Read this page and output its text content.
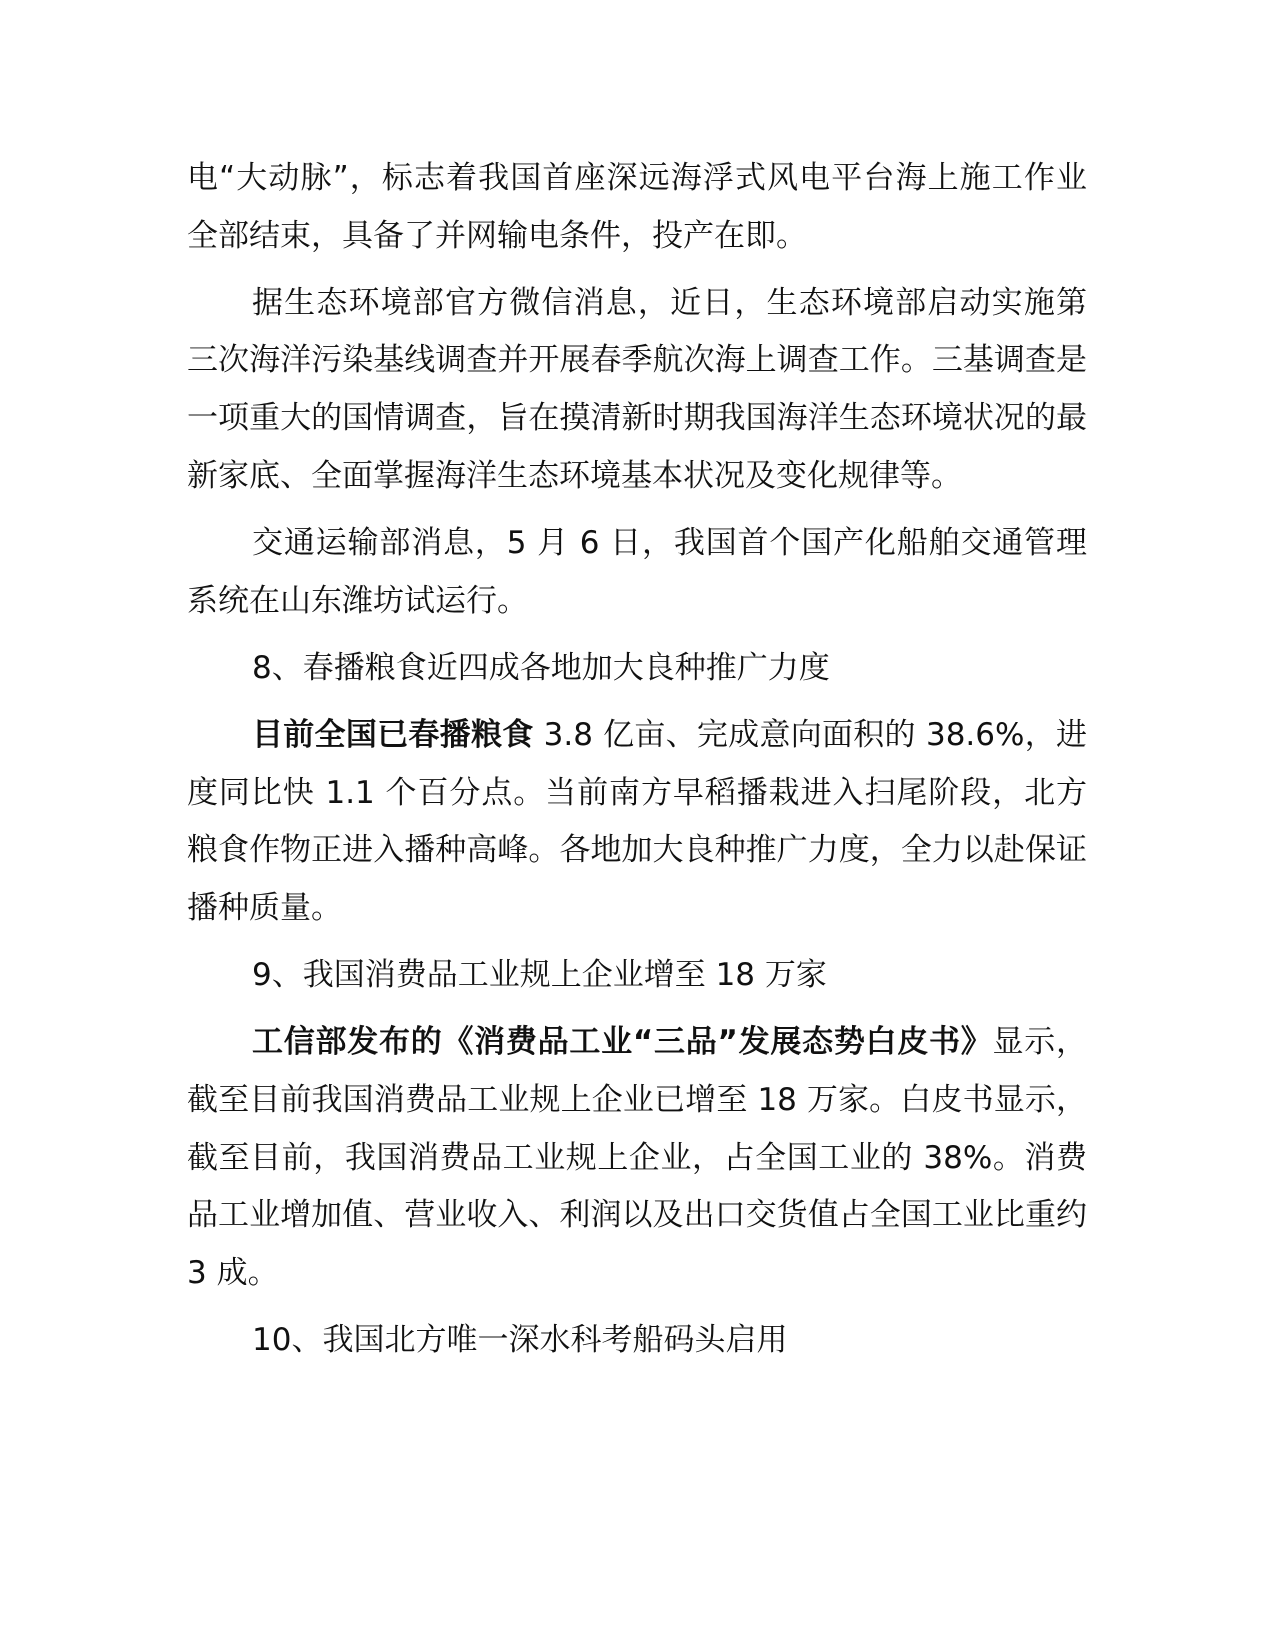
电“大动脉”，标志着我国首座深远海浮式风电平台海上施工作业全部结束，具备了并网输电条件，投产在即。

据生态环境部官方微信消息，近日，生态环境部启动实施第三次海洋污染基线调查并开展春季航次海上调查工作。三基调查是一项重大的国情调查，旨在摸清新时期我国海洋生态环境状况的最新家底、全面掌握海洋生态环境基本状况及变化规律等。

交通运输部消息，5 月 6 日，我国首个国产化船舶交通管理系统在山东潍坊试运行。

8、春播粮食近四成各地加大良种推广力度

目前全国已春播粮食 3.8 亿亩、完成意向面积的 38.6%，进度同比快 1.1 个百分点。当前南方早稻播栽进入扫尾阶段，北方粮食作物正进入播种高峰。各地加大良种推广力度，全力以赴保证播种质量。

9、我国消费品工业规上企业增至 18 万家

工信部发布的《消费品工业“三品”发展态势白皮书》显示，截至目前我国消费品工业规上企业已增至 18 万家。白皮书显示，截至目前，我国消费品工业规上企业，占全国工业的 38%。消费品工业增加值、营业收入、利润以及出口交货值占全国工业比重约 3 成。

10、我国北方唯一深水科考船码头启用
